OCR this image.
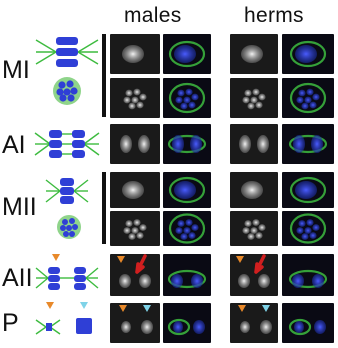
males	herms
MI
AI
MII
AII
P
